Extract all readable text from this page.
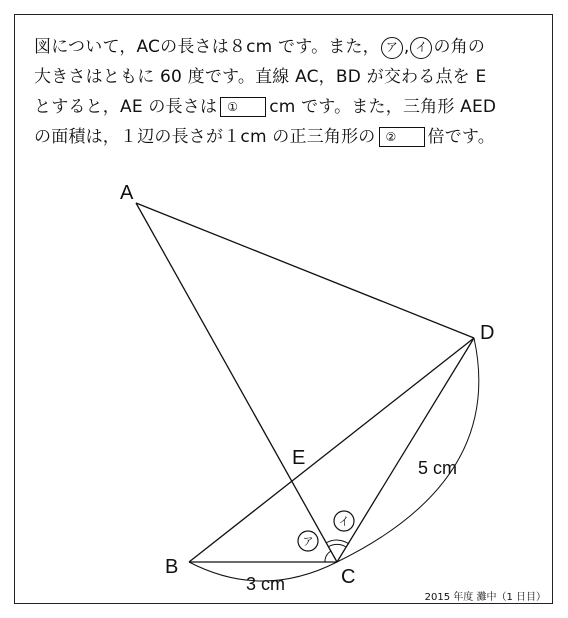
図について，ACの長さは８cm です。また， ア , イ の角の
大きさはともに 60 度です。直線 AC，BD が交わる点を E
とすると，AE の長さは ① cm です。また，三角形 AED
の面積は，１辺の長さが１cm の正三角形の ② 倍です。
ア
イ
A
D
E
B	C
3 cm
5 cm
2015 年度 灘中（1 日目）
